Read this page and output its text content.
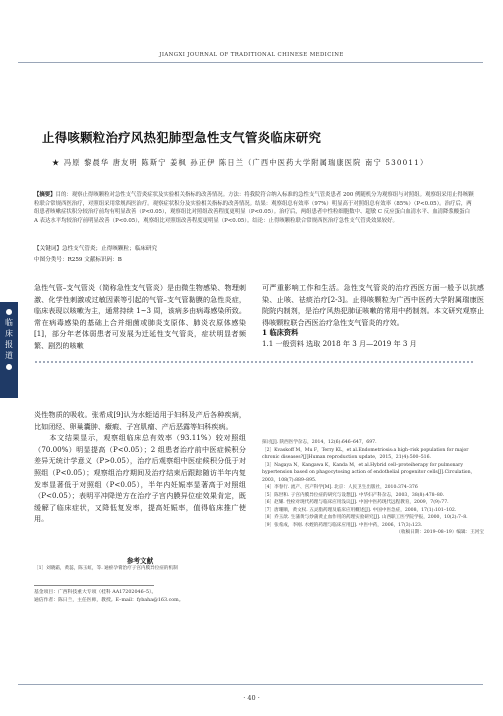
JIANGXI JOURNAL OF TRADITIONAL CHINESE MEDICINE
止得咳颗粒治疗风热犯肺型急性支气管炎临床研究
★ 冯原 黎晨华 唐友明 陈斯宁 姜枫 孙正伊 陈日兰（广西中医药大学附属瑞康医院 南宁 530011）
【摘要】目的：观察止得咳颗粒对急性支气管炎症状及实验相关指标的改善情况。方法：将我院符合纳入标准的急性支气管炎患者 200 例随机分为观察组与对照组。观察组采用止得咳颗粒联合常规西医治疗，对照组采用常规西医治疗。观察症状积分及实验相关指标的改善情况。结果：观察组总有效率（97%）明显高于对照组总有效率（85%）（P<0.05）。治疗后，两组患者咳嗽症状积分较治疗前均有明显改善（P<0.05），观察组比对照组改善程度更明显（P<0.05）。治疗后，两组患者中性粒细胞数中、超敏 C 反应蛋白血清水平、血清降浆酸蛋白 A 表达水平均较治疗前明显改善（P<0.05），观察组比对照组改善程度更明显（P<0.05）。结论：止得咳颗粒联合常规西医治疗急性支气管炎效果较好。
【关键词】急性支气管炎；止得咳颗粒；临床研究
中图分类号：R259 文献标识码：B
●临床报道●
急性气管–支气管炎（简称急性支气管炎）是由微生物感染、物理刺激、化学性刺激或过敏因素等引起的气管–支气管黏膜的急性炎症，临床表现以咳嗽为主，通常持续 1~3 周，该病多由病毒感染所致。常在病毒感染的基础上合并细菌或肺炎支原体、肺炎衣原体感染[1]，部分年老体弱患者可发展为迁延性支气管炎，症状明显者频繁、剧烈的咳嗽
可严重影响工作和生活。急性支气管炎的治疗西医方面一般予以抗感染、止咳、祛痰治疗[2-3]。止得咳颗粒为广西中医药大学附属瑞康医院院内制剂，是治疗风热犯肺证咳嗽的常用中药制剂。本文研究观察止得咳颗粒联合西医治疗急性支气管炎的疗效。
1 临床资料
1.1 一般资料 选取 2018 年 3 月—2019 年 3 月
炎性物质的吸收。张希成[9]认为水蛭适用于妇科及产后各种疾病，比如闭经、卵巢囊肿、癥瘕、子宫肌瘤、产后恶露等妇科疾病。
　　本文结果显示，观察组临床总有效率（93.11%）较对照组（70.00%）明显提高（P<0.05）；2 组患者治疗前中医症候积分差异无统计学意义（P>0.05），治疗后观察组中医症候积分低于对照组（P<0.05）；观察组治疗期间及治疗结束后跟踪随访半年内复发率显著低于对照组（P<0.05），半年内妊娠率显著高于对照组（P<0.05）；表明平冲降逆方在治疗子宫内膜异位症效果肯定，既缓解了临床症状，又降低复发率，提高妊娠率，值得临床推广使用。
参考文献
［1］刘晓霜，黄蕊，陈玉虹，等. 通瘀孕膏治疗子宫内膜异位症的机制
探讨[J]. 陕西医学杂志，2014，12(6):646–647，697.
［2］Kvaskoff M，Mu F，Terry KL，et al.Endometriosis:a high–risk population for major chronic diseases?[J]Human reproduction update，2015，21(4):500–516.
［3］Nagaya N，Kangawa K，Kanda M，et al.Hybrid cell–proteiherapy for pulmonary hypertension based on phagocytosing action of endothelial progenitor cells[J].Circulation，2003，108(7):889–895.
［4］李春行. 流产、宫产科学[M]. 北京：人民卫生出版社，2010:374–376
［5］陈世和. 子宫内膜异位症的研究与设想[J]. 中华妇产科杂志，2003，38(8):478–80.
［6］赵耀. 性栓对现代药理与临床应用浅议[J]. 中国中医药现代远程教育，2009，7(9):77.
［7］唐珊顺，黄文权. 五灵脂药理及临床应用概述[J]. 中国中医急症，2008，17(1):101–102.
［8］乔玉歆. 生蒲黄与炒蒲黄止血作用的药理实验研究[J]. 山西职工医学院学报，2000，10(2):7–8.
［9］张希成，李刚. 水蛭的药理与临床应用[J]. 中医中药，2006，17(3):123.
（收稿日期：2019–08–19）编辑：王河宝
基金项目：广西科技重大专项（桂科 AA17202046–5）。
通信作者：陈日兰，主任医师，教授。E–mail：fybaha@163.com。
· 40 ·
